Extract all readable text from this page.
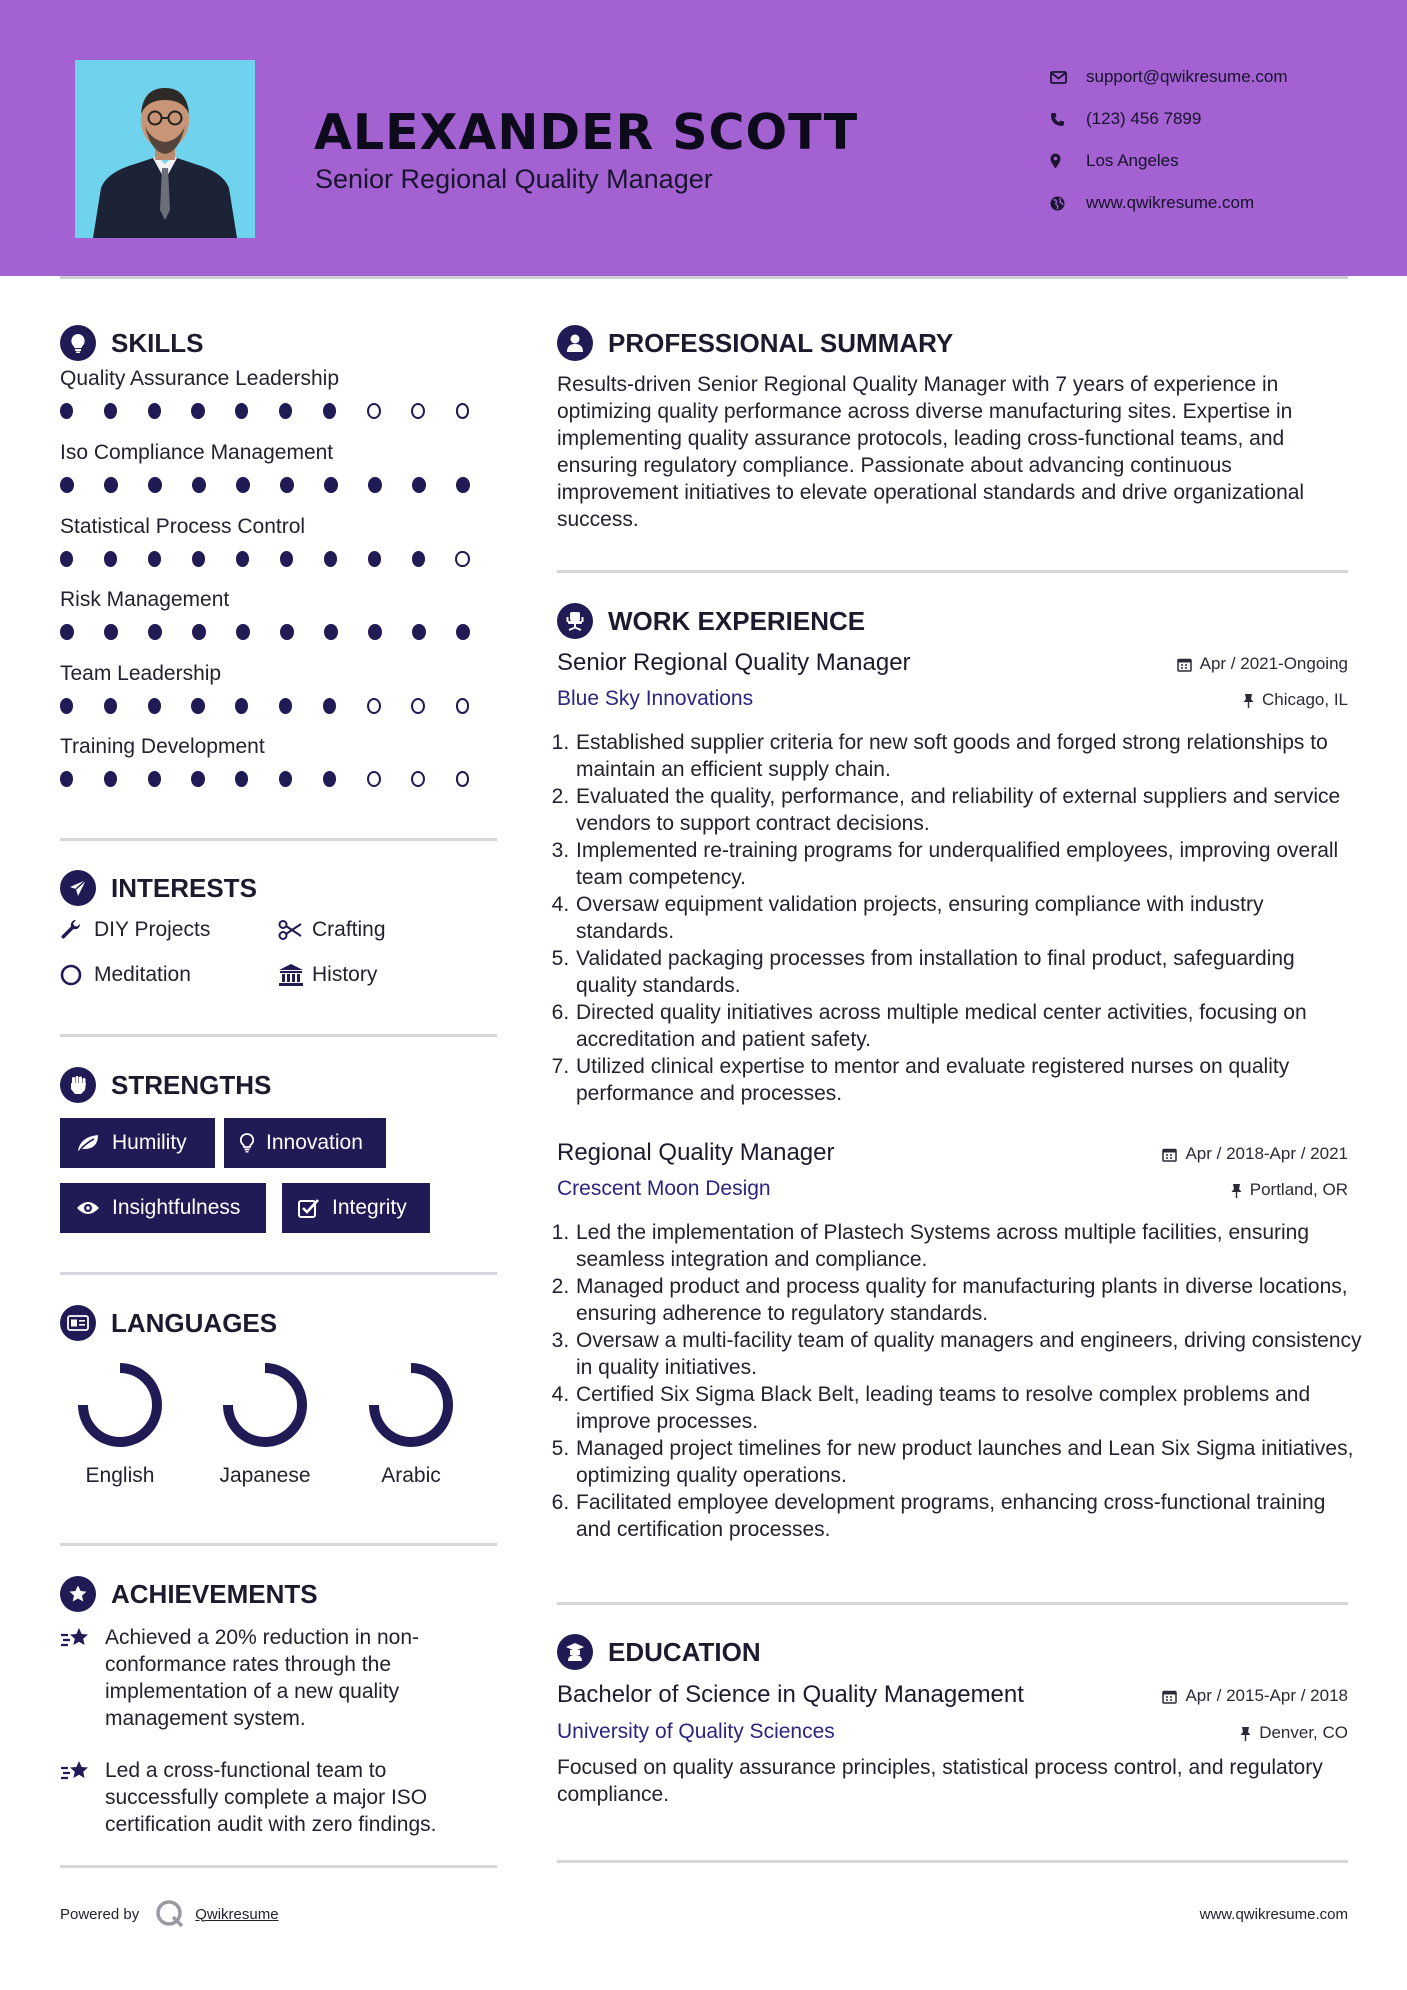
ALEXANDER SCOTT
Senior Regional Quality Manager
support@qwikresume.com
(123) 456 7899
Los Angeles
www.qwikresume.com
SKILLS
Quality Assurance Leadership
Iso Compliance Management
Statistical Process Control
Risk Management
Team Leadership
Training Development
INTERESTS
DIY Projects	Crafting
Meditation	History
STRENGTHS
Humility	Innovation
Insightfulness	Integrity
LANGUAGES
English	Japanese	Arabic
ACHIEVEMENTS
Achieved a 20% reduction in non-conformance rates through the implementation of a new quality management system.
Led a cross-functional team to successfully complete a major ISO certification audit with zero findings.
PROFESSIONAL SUMMARY
Results-driven Senior Regional Quality Manager with 7 years of experience in optimizing quality performance across diverse manufacturing sites. Expertise in implementing quality assurance protocols, leading cross-functional teams, and ensuring regulatory compliance. Passionate about advancing continuous improvement initiatives to elevate operational standards and drive organizational success.
WORK EXPERIENCE
Senior Regional Quality Manager	Apr / 2021-Ongoing
Blue Sky Innovations	Chicago, IL
1. Established supplier criteria for new soft goods and forged strong relationships to maintain an efficient supply chain.
2. Evaluated the quality, performance, and reliability of external suppliers and service vendors to support contract decisions.
3. Implemented re-training programs for underqualified employees, improving overall team competency.
4. Oversaw equipment validation projects, ensuring compliance with industry standards.
5. Validated packaging processes from installation to final product, safeguarding quality standards.
6. Directed quality initiatives across multiple medical center activities, focusing on accreditation and patient safety.
7. Utilized clinical expertise to mentor and evaluate registered nurses on quality performance and processes.
Regional Quality Manager	Apr / 2018-Apr / 2021
Crescent Moon Design	Portland, OR
1. Led the implementation of Plastech Systems across multiple facilities, ensuring seamless integration and compliance.
2. Managed product and process quality for manufacturing plants in diverse locations, ensuring adherence to regulatory standards.
3. Oversaw a multi-facility team of quality managers and engineers, driving consistency in quality initiatives.
4. Certified Six Sigma Black Belt, leading teams to resolve complex problems and improve processes.
5. Managed project timelines for new product launches and Lean Six Sigma initiatives, optimizing quality operations.
6. Facilitated employee development programs, enhancing cross-functional training and certification processes.
EDUCATION
Bachelor of Science in Quality Management	Apr / 2015-Apr / 2018
University of Quality Sciences	Denver, CO
Focused on quality assurance principles, statistical process control, and regulatory compliance.
Powered by	Qwikresume	www.qwikresume.com
